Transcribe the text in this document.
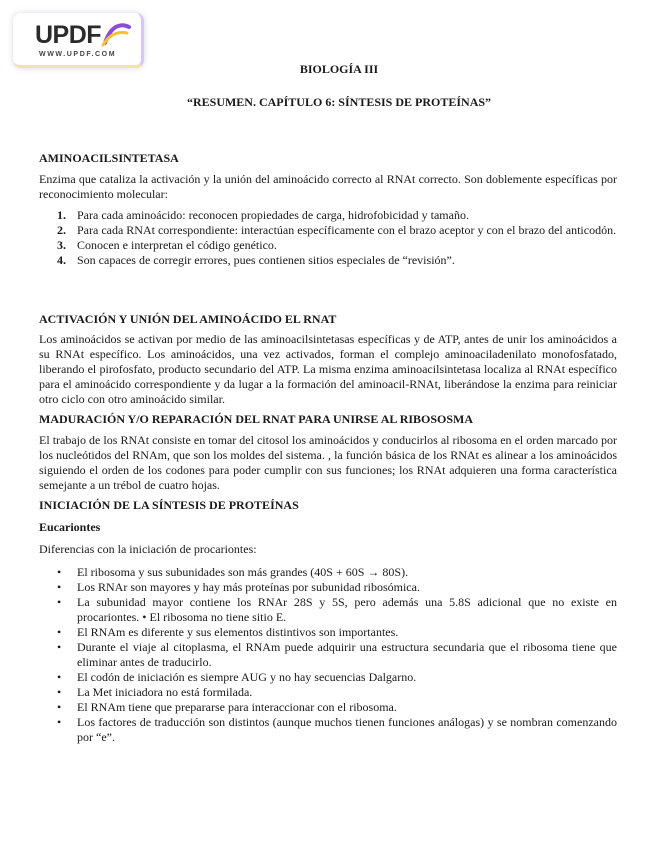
UPDF
WWW.UPDF.COM
BIOLOGÍA III
“RESUMEN. CAPÍTULO 6: SÍNTESIS DE PROTEÍNAS”
AMINOACILSINTETASA

Enzima que cataliza la activación y la unión del aminoácido correcto al RNAt correcto. Son doblemente específicas por reconocimiento molecular:

1. Para cada aminoácido: reconocen propiedades de carga, hidrofobicidad y tamaño.
2. Para cada RNAt correspondiente: interactúan específicamente con el brazo aceptor y con el brazo del anticodón.
3. Conocen e interpretan el código genético.
4. Son capaces de corregir errores, pues contienen sitios especiales de “revisión”.
ACTIVACIÓN Y UNIÓN DEL AMINOÁCIDO EL RNAT

Los aminoácidos se activan por medio de las aminoacilsintetasas específicas y de ATP, antes de unir los aminoácidos a su RNAt específico. Los aminoácidos, una vez activados, forman el complejo aminoaciladenilato monofosfatado, liberando el pirofosfato, producto secundario del ATP. La misma enzima aminoacilsintetasa localiza al RNAt específico para el aminoácido correspondiente y da lugar a la formación del aminoacil-RNAt, liberándose la enzima para reiniciar otro ciclo con otro aminoácido similar.

MADURACIÓN Y/O REPARACIÓN DEL RNAT PARA UNIRSE AL RIBOSOSMA

El trabajo de los RNAt consiste en tomar del citosol los aminoácidos y conducirlos al ribosoma en el orden marcado por los nucleótidos del RNAm, que son los moldes del sistema. , la función básica de los RNAt es alinear a los aminoácidos siguiendo el orden de los codones para poder cumplir con sus funciones; los RNAt adquieren una forma característica semejante a un trébol de cuatro hojas.

INICIACIÓN DE LA SÍNTESIS DE PROTEÍNAS
Eucariontes

Diferencias con la iniciación de procariontes:

• El ribosoma y sus subunidades son más grandes (40S + 60S → 80S).
• Los RNAr son mayores y hay más proteínas por subunidad ribosómica.
• La subunidad mayor contiene los RNAr 28S y 5S, pero además una 5.8S adicional que no existe en procariontes. • El ribosoma no tiene sitio E.
• El RNAm es diferente y sus elementos distintivos son importantes.
• Durante el viaje al citoplasma, el RNAm puede adquirir una estructura secundaria que el ribosoma tiene que eliminar antes de traducirlo.
• El codón de iniciación es siempre AUG y no hay secuencias Dalgarno.
• La Met iniciadora no está formilada.
• El RNAm tiene que prepararse para interaccionar con el ribosoma.
• Los factores de traducción son distintos (aunque muchos tienen funciones análogas) y se nombran comenzando por “e”.
